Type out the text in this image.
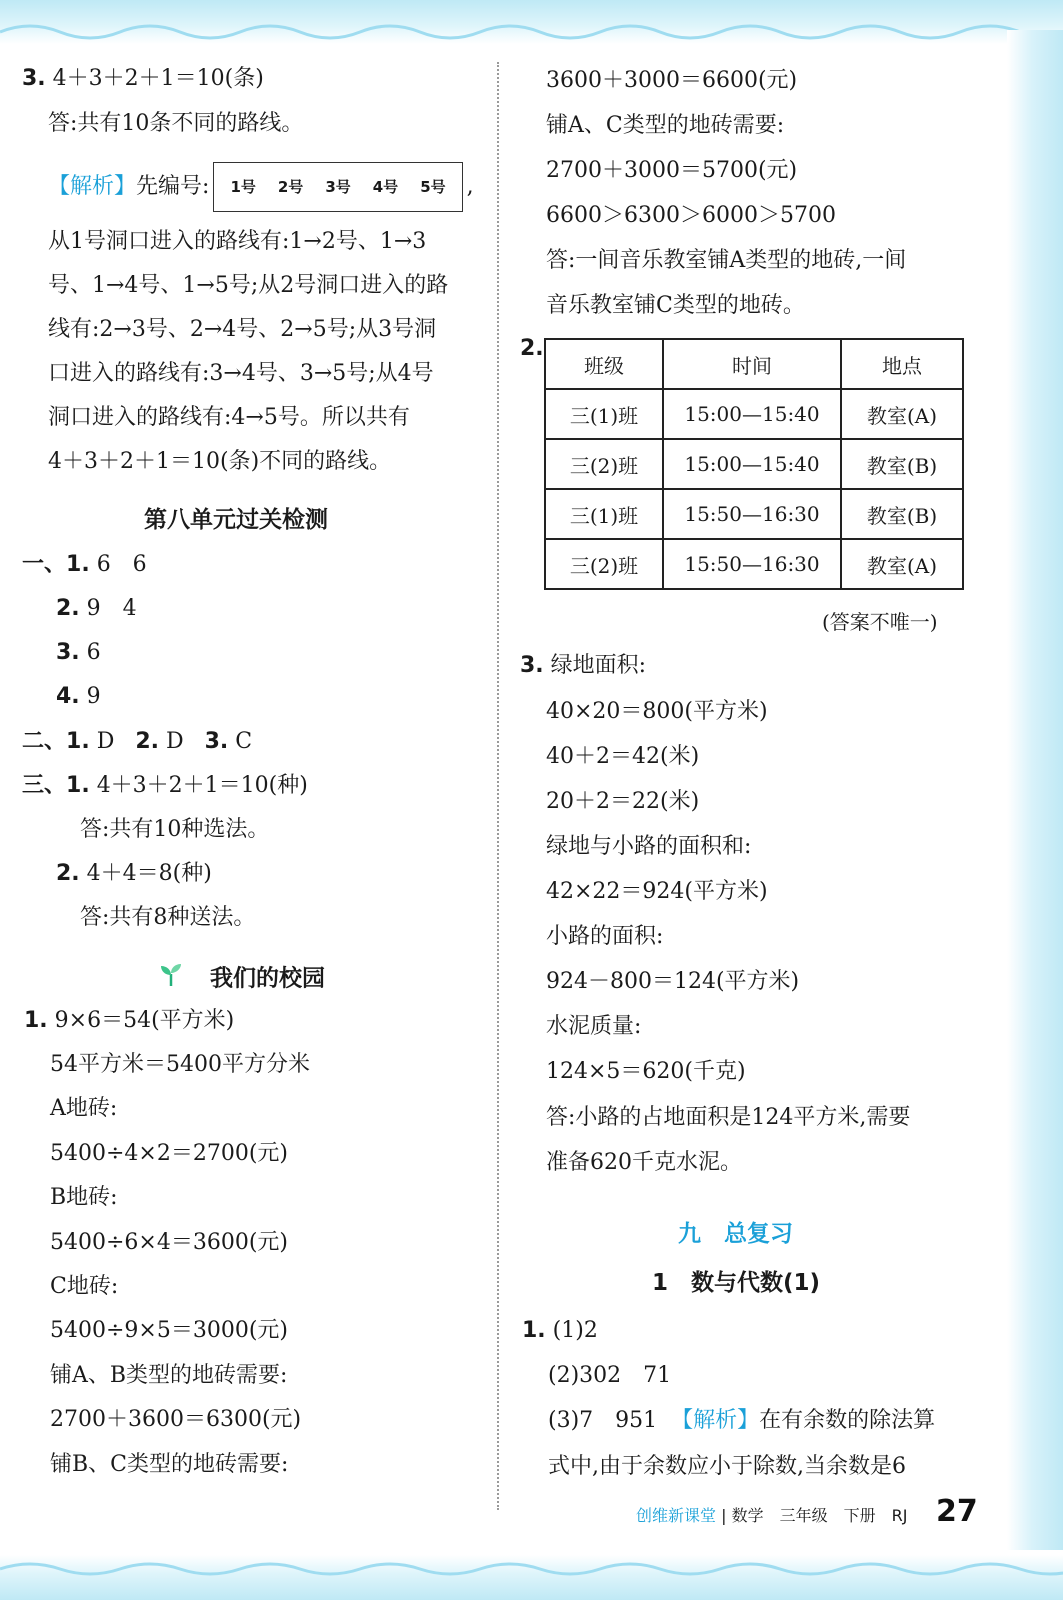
3. 4＋3＋2＋1＝10(条)
答:共有10条不同的路线。
【解析】先编号: 1号 2号 3号 4号 5号 ,
从1号洞口进入的路线有:1→2号、1→3
号、1→4号、1→5号;从2号洞口进入的路
线有:2→3号、2→4号、2→5号;从3号洞
口进入的路线有:3→4号、3→5号;从4号
洞口进入的路线有:4→5号。所以共有
4＋3＋2＋1＝10(条)不同的路线。
第八单元过关检测
一、1. 6　6
2. 9　4
3. 6
4. 9
二、1. D 2. D 3. C
三、1. 4＋3＋2＋1＝10(种)
答:共有10种选法。
2. 4＋4＝8(种)
答:共有8种送法。
我们的校园
1. 9×6＝54(平方米)
54平方米＝5400平方分米
A地砖:
5400÷4×2＝2700(元)
B地砖:
5400÷6×4＝3600(元)
C地砖:
5400÷9×5＝3000(元)
铺A、B类型的地砖需要:
2700＋3600＝6300(元)
铺B、C类型的地砖需要:
3600＋3000＝6600(元)
铺A、C类型的地砖需要:
2700＋3000＝5700(元)
6600＞6300＞6000＞5700
答:一间音乐教室铺A类型的地砖,一间
音乐教室铺C类型的地砖。
2.
班级	时间	地点
三(1)班	15:00—15:40	教室(A)
三(2)班	15:00—15:40	教室(B)
三(1)班	15:50—16:30	教室(B)
三(2)班	15:50—16:30	教室(A)
(答案不唯一)
3. 绿地面积:
40×20＝800(平方米)
40＋2＝42(米)
20＋2＝22(米)
绿地与小路的面积和:
42×22＝924(平方米)
小路的面积:
924－800＝124(平方米)
水泥质量:
124×5＝620(千克)
答:小路的占地面积是124平方米,需要
准备620千克水泥。
九　总复习
1　数与代数(1)
1. (1)2
(2)302　71
(3)7　951 【解析】在有余数的除法算
式中,由于余数应小于除数,当余数是6
创维新课堂 | 数学　三年级　下册　RJ 27
